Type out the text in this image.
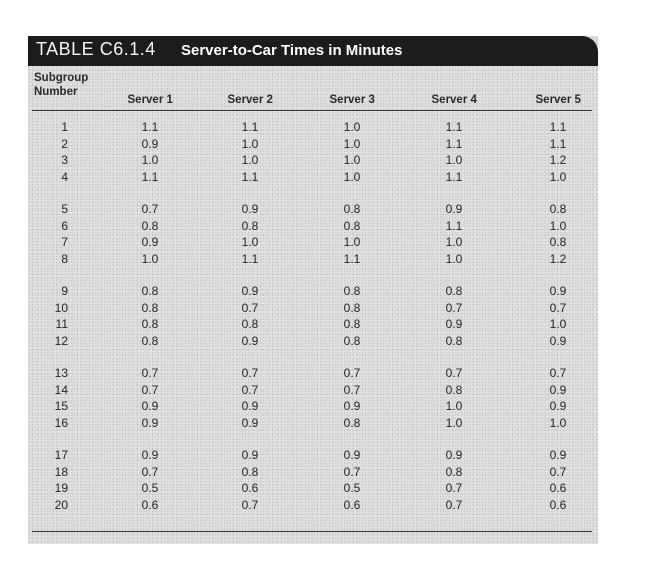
TABLE C6.1.4 Server-to-Car Times in Minutes
Subgroup
Number
Server 1	Server 2	Server 3	Server 4	Server 5
1	1.1	1.1	1.0	1.1	1.1
2	0.9	1.0	1.0	1.1	1.1
3	1.0	1.0	1.0	1.0	1.2
4	1.1	1.1	1.0	1.1	1.0
5	0.7	0.9	0.8	0.9	0.8
6	0.8	0.8	0.8	1.1	1.0
7	0.9	1.0	1.0	1.0	0.8
8	1.0	1.1	1.1	1.0	1.2
9	0.8	0.9	0.8	0.8	0.9
10	0.8	0.7	0.8	0.7	0.7
11	0.8	0.8	0.8	0.9	1.0
12	0.8	0.9	0.8	0.8	0.9
13	0.7	0.7	0.7	0.7	0.7
14	0.7	0.7	0.7	0.8	0.9
15	0.9	0.9	0.9	1.0	0.9
16	0.9	0.9	0.8	1.0	1.0
17	0.9	0.9	0.9	0.9	0.9
18	0.7	0.8	0.7	0.8	0.7
19	0.5	0.6	0.5	0.7	0.6
20	0.6	0.7	0.6	0.7	0.6
